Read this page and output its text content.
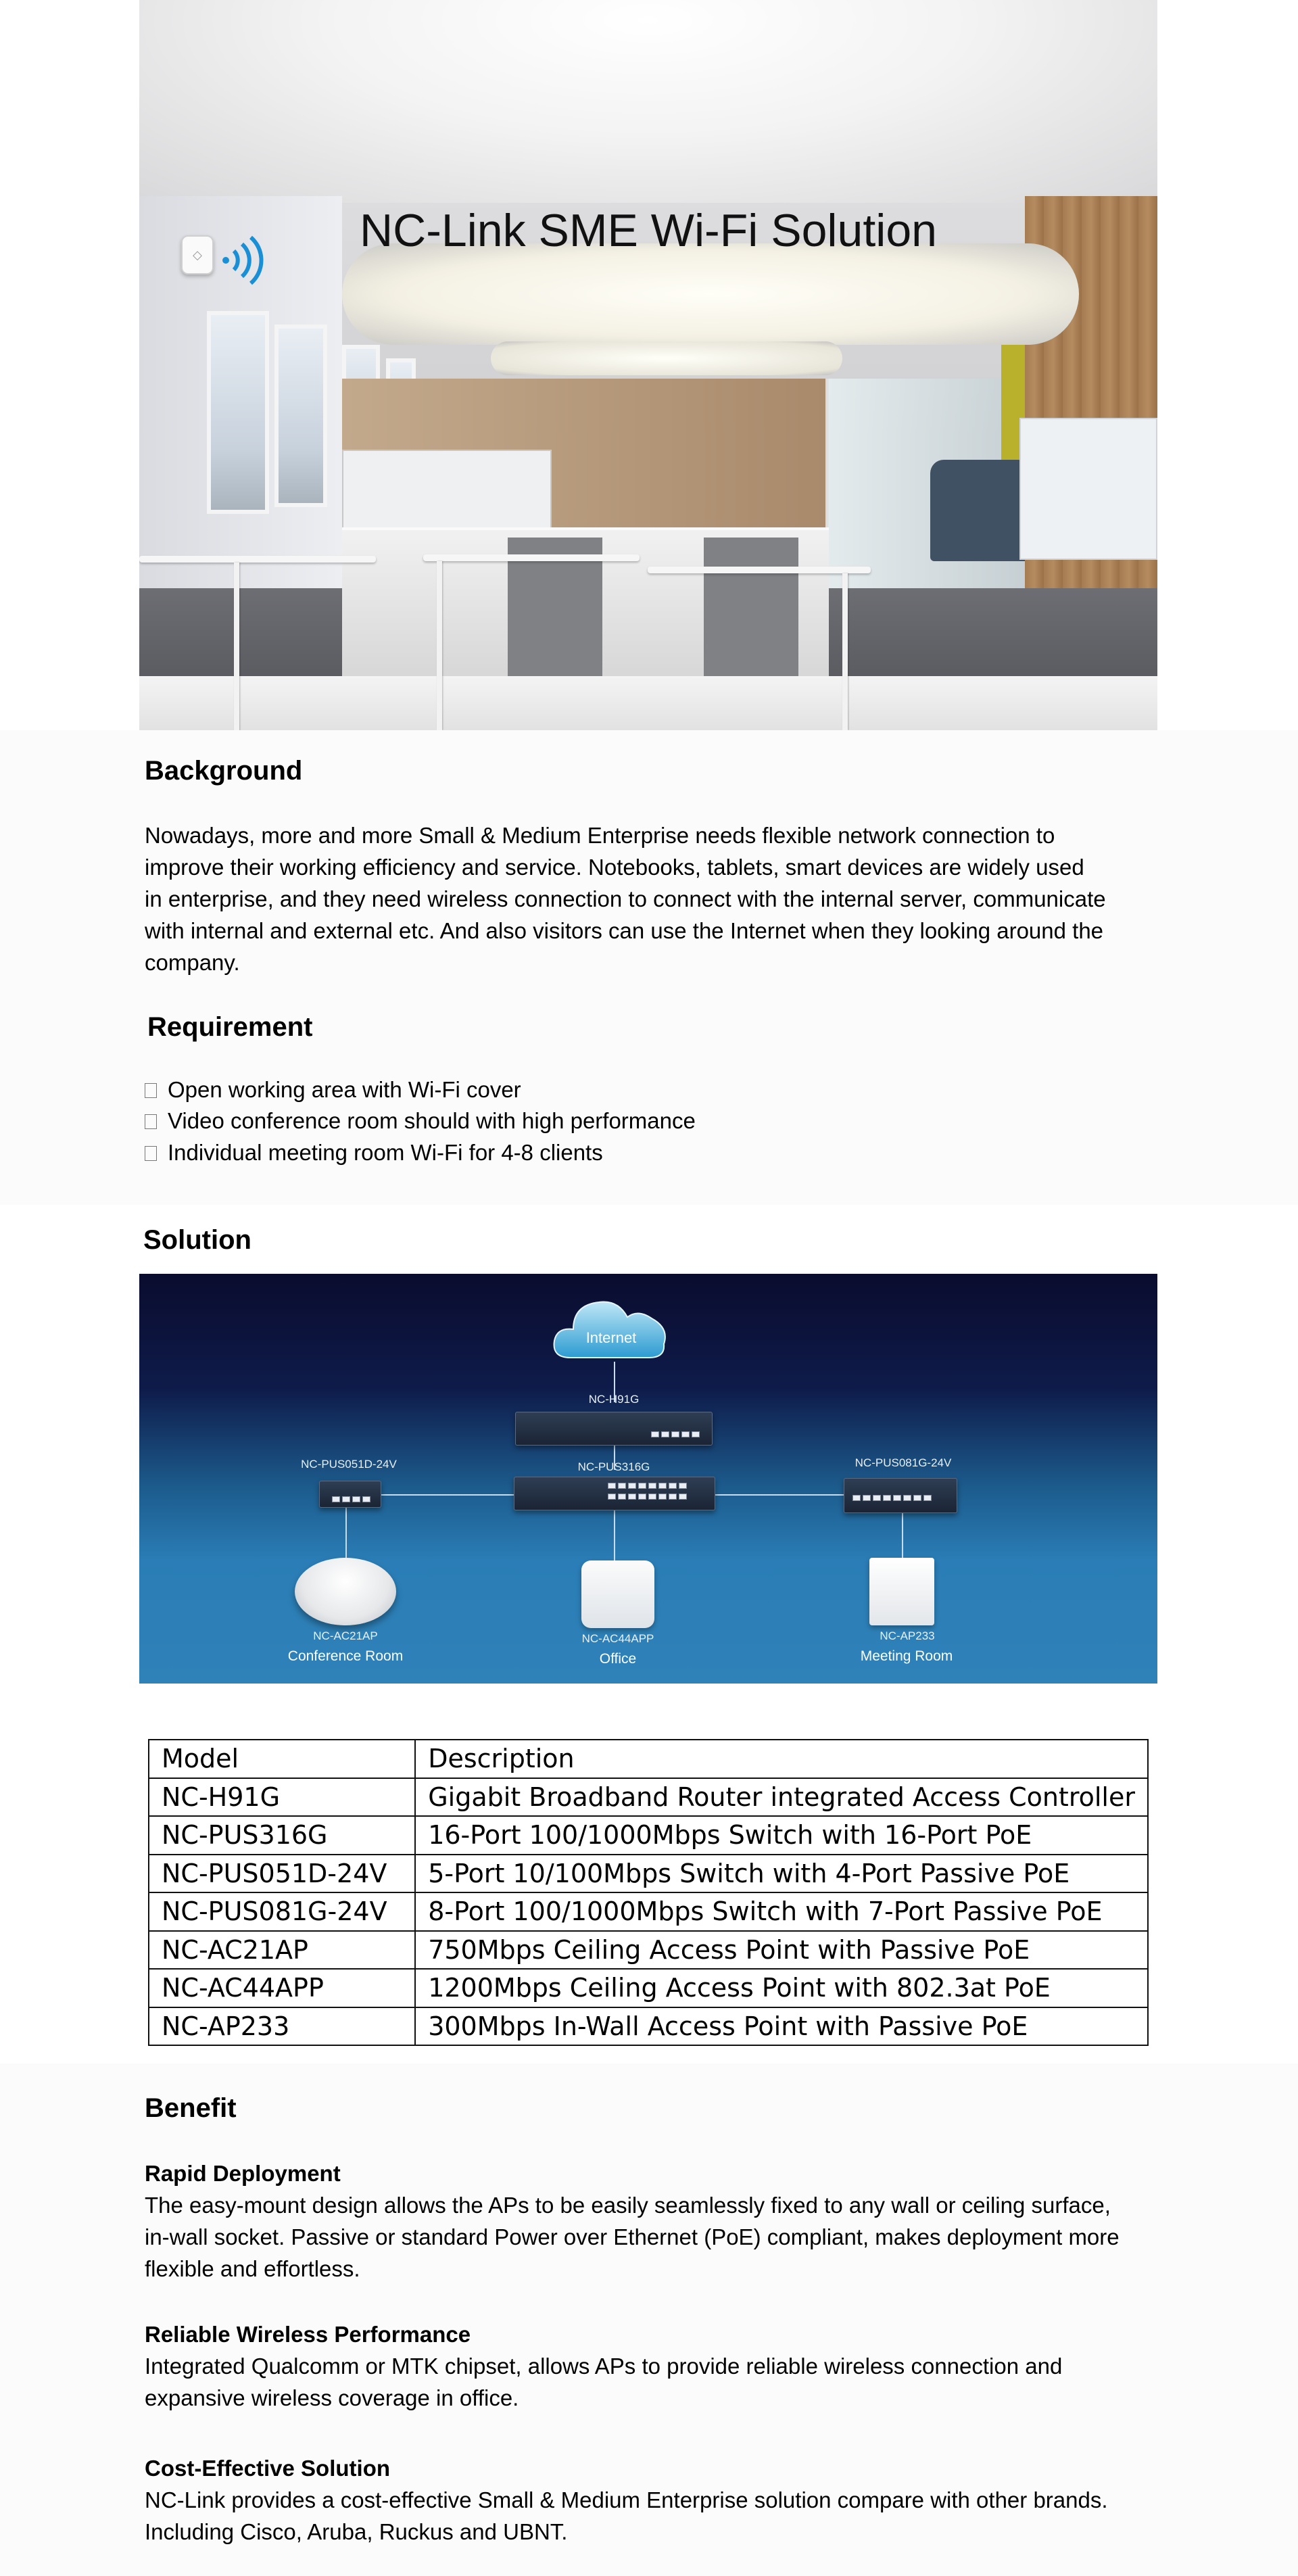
◇	NC-Link SME Wi-Fi Solution
Background

Nowadays, more and more Small & Medium Enterprise needs flexible network connection to
improve their working efficiency and service. Notebooks, tablets, smart devices are widely used
in enterprise, and they need wireless connection to connect with the internal server, communicate
with internal and external etc. And also visitors can use the Internet when they looking around the
company.

Requirement
Open working area with Wi-Fi cover
Video conference room should with high performance
Individual meeting room Wi-Fi for 4-8 clients
Solution
Internet
NC-H91G
NC-PUS316G
NC-PUS051D-24V	NC-PUS081G-24V
NC-AC21AP
Conference Room
NC-AC44APP
Office
NC-AP233
Meeting Room
Model	Description
NC-H91G	Gigabit Broadband Router integrated Access Controller
NC-PUS316G	16-Port 100/1000Mbps Switch with 16-Port PoE
NC-PUS051D-24V	5-Port 10/100Mbps Switch with 4-Port Passive PoE
NC-PUS081G-24V	8-Port 100/1000Mbps Switch with 7-Port Passive PoE
NC-AC21AP	750Mbps Ceiling Access Point with Passive PoE
NC-AC44APP	1200Mbps Ceiling Access Point with 802.3at PoE
NC-AP233	300Mbps In-Wall Access Point with Passive PoE
Benefit
Rapid Deployment

The easy-mount design allows the APs to be easily seamlessly fixed to any wall or ceiling surface,
in-wall socket. Passive or standard Power over Ethernet (PoE) compliant, makes deployment more
flexible and effortless.

Reliable Wireless Performance

Integrated Qualcomm or MTK chipset, allows APs to provide reliable wireless connection and
expansive wireless coverage in office.

Cost-Effective Solution

NC-Link provides a cost-effective Small & Medium Enterprise solution compare with other brands.
Including Cisco, Aruba, Ruckus and UBNT.
